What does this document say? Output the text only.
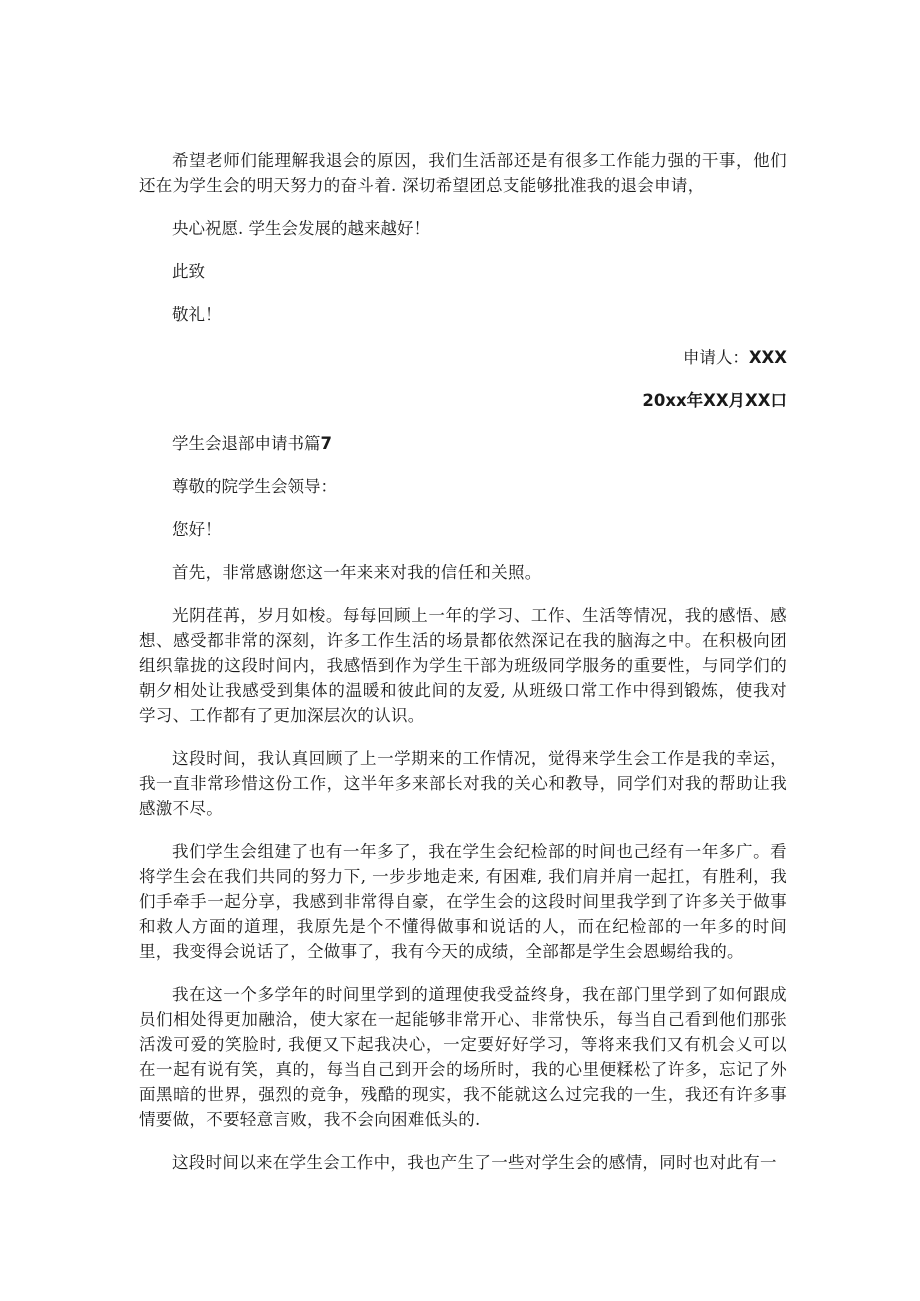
希望老师们能理解我退会的原因，我们生活部还是有很多工作能力强的干事，他们还在为学生会的明天努力的奋斗着. 深切希望团总支能够批准我的退会申请，

央心祝愿. 学生会发展的越来越好！

此致

敬礼！

申请人：XXX

20xx年XX月XX口

学生会退部申请书篇7

尊敬的院学生会领导：

您好！

首先，非常感谢您这一年来来对我的信任和关照。

光阴荏苒，岁月如梭。每每回顾上一年的学习、工作、生活等情况，我的感悟、感想、感受都非常的深刻，许多工作生活的场景都依然深记在我的脑海之中。在积极向团组织靠拢的这段时间内，我感悟到作为学生干部为班级同学服务的重要性，与同学们的朝夕相处让我感受到集体的温暖和彼此间的友爱, 从班级口常工作中得到锻炼，使我对学习、工作都有了更加深层次的认识。

这段时间，我认真回顾了上一学期来的工作情况，觉得来学生会工作是我的幸运，我一直非常珍惜这份工作，这半年多来部长对我的关心和教导，同学们对我的帮助让我感激不尽。

我们学生会组建了也有一年多了，我在学生会纪检部的时间也己经有一年多广。看将学生会在我们共同的努力下, 一步步地走来, 有困难, 我们肩并肩一起扛，有胜利，我们手牵手一起分享，我感到非常得自豪，在学生会的这段时间里我学到了许多关于做事和救人方面的道理，我原先是个不懂得做事和说话的人，而在纪检部的一年多的时间里，我变得会说话了，仝做事了，我有今天的成绩，全部都是学生会恩蜴给我的。

我在这一个多学年的时间里学到的道理使我受益终身，我在部门里学到了如何跟成员们相处得更加融洽，使大家在一起能够非常开心、非常快乐，每当自己看到他们那张活泼可爱的笑脸时, 我便又下起我决心，一定要好好学习，等将来我们又有机会乂可以在一起有说有笑，真的，每当自己到开会的场所时，我的心里便糅松了许多，忘记了外面黑暗的世界，强烈的竞争，残酷的现实，我不能就这么过完我的一生，我还有许多事情要做，不要轻意言败，我不会向困难低头的.

这段时间以来在学生会工作中，我也产生了一些对学生会的感情，同时也对此有一
